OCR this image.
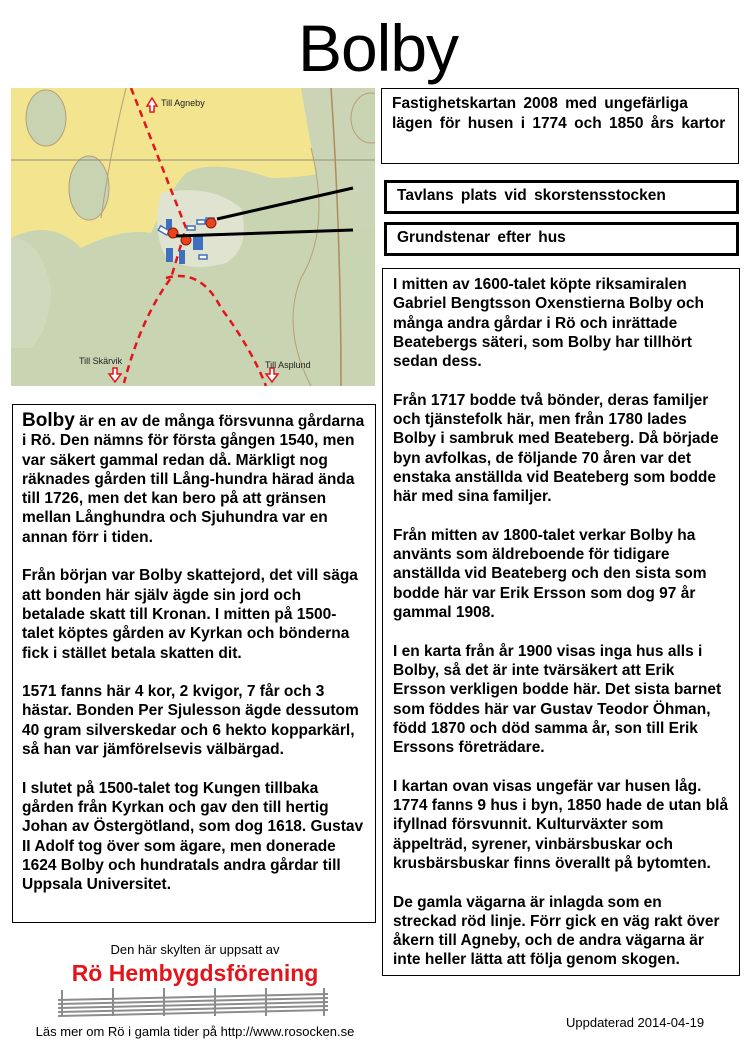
Bolby
Till Agneby
Till Skärvik	Till Asplund
Fastighetskartan 2008 med ungefärliga lägen för husen i 1774 och 1850 års kartor
Tavlans plats vid skorstensstocken
Grundstenar efter hus

I mitten av 1600-talet köpte riksamiralen Gabriel Bengtsson Oxenstierna Bolby och många andra gårdar i Rö och inrättade Beatebergs säteri, som Bolby har tillhört sedan dess.

Från 1717 bodde två bönder, deras familjer och tjänstefolk här, men från 1780 lades Bolby i sambruk med Beateberg. Då började byn avfolkas, de följande 70 åren var det enstaka anställda vid Beateberg som bodde här med sina familjer.

Från mitten av 1800-talet verkar Bolby ha använts som äldreboende för tidigare anställda vid Beateberg och den sista som bodde här var Erik Ersson som dog 97 år gammal 1908.

I en karta från år 1900 visas inga hus alls i Bolby, så det är inte tvärsäkert att Erik Ersson verkligen bodde här. Det sista barnet som föddes här var Gustav Teodor Öhman, född 1870 och död samma år, son till Erik Erssons företrädare.

I kartan ovan visas ungefär var husen låg. 1774 fanns 9 hus i byn, 1850 hade de utan blå ifyllnad försvunnit. Kulturväxter som äppelträd, syrener, vinbärsbuskar och krusbärsbuskar finns överallt på bytomten.

De gamla vägarna är inlagda som en streckad röd linje. Förr gick en väg rakt över åkern till Agneby, och de andra vägarna är inte heller lätta att följa genom skogen.

Bolby är en av de många försvunna gårdarna i Rö. Den nämns för första gången 1540, men var säkert gammal redan då. Märkligt nog räknades gården till Lång-hundra härad ända till 1726, men det kan bero på att gränsen mellan Långhundra och Sjuhundra var en annan förr i tiden.

Från början var Bolby skattejord, det vill säga att bonden här själv ägde sin jord och betalade skatt till Kronan. I mitten på 1500-talet köptes gården av Kyrkan och bönderna fick i stället betala skatten dit.

1571 fanns här 4 kor, 2 kvigor, 7 får och 3 hästar. Bonden Per Sjulesson ägde dessutom 40 gram silverskedar och 6 hekto kopparkärl, så han var jämförelsevis välbärgad.

I slutet på 1500-talet tog Kungen tillbaka gården från Kyrkan och gav den till hertig Johan av Östergötland, som dog 1618. Gustav II Adolf tog över som ägare, men donerade 1624 Bolby och hundratals andra gårdar till Uppsala Universitet.

Den här skylten är uppsatt av
Rö Hembygdsförening
Läs mer om Rö i gamla tider på http://www.rosocken.se
Uppdaterad 2014-04-19
